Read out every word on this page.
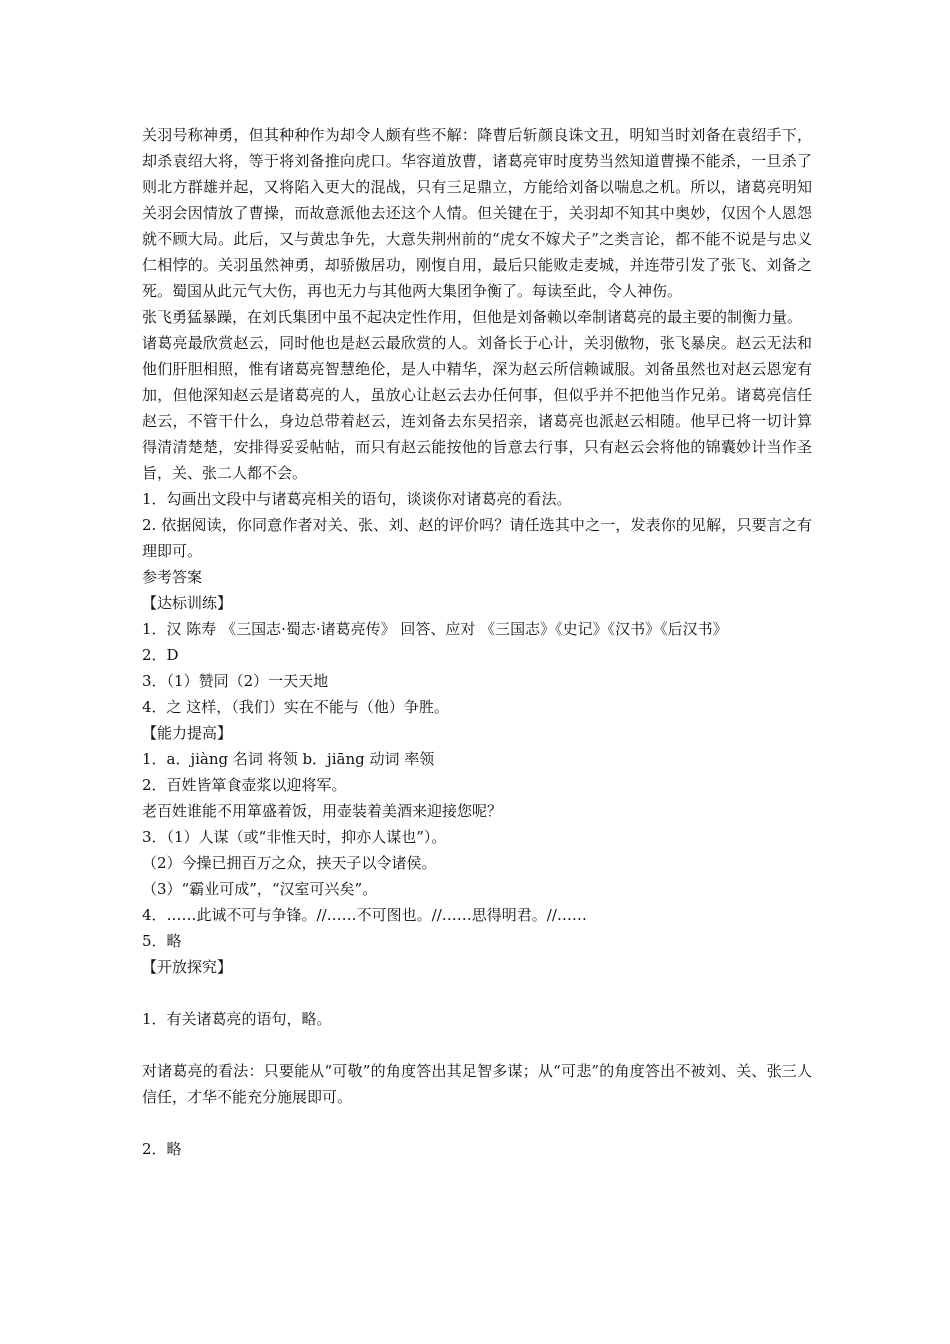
关羽号称神勇，但其种种作为却令人颇有些不解：降曹后斩颜良诛文丑，明知当时刘备在袁绍手下，却杀袁绍大将，等于将刘备推向虎口。华容道放曹，诸葛亮审时度势当然知道曹操不能杀，一旦杀了则北方群雄并起，又将陷入更大的混战，只有三足鼎立，方能给刘备以喘息之机。所以，诸葛亮明知关羽会因情放了曹操，而故意派他去还这个人情。但关键在于，关羽却不知其中奥妙，仅因个人恩怨就不顾大局。此后，又与黄忠争先，大意失荆州前的“虎女不嫁犬子”之类言论，都不能不说是与忠义仁相悖的。关羽虽然神勇，却骄傲居功，刚愎自用，最后只能败走麦城，并连带引发了张飞、刘备之死。蜀国从此元气大伤，再也无力与其他两大集团争衡了。每读至此，令人神伤。

张飞勇猛暴躁，在刘氏集团中虽不起决定性作用，但他是刘备赖以牵制诸葛亮的最主要的制衡力量。

诸葛亮最欣赏赵云，同时他也是赵云最欣赏的人。刘备长于心计，关羽傲物，张飞暴戾。赵云无法和他们肝胆相照，惟有诸葛亮智慧绝伦，是人中精华，深为赵云所信赖诚服。刘备虽然也对赵云恩宠有加，但他深知赵云是诸葛亮的人，虽放心让赵云去办任何事，但似乎并不把他当作兄弟。诸葛亮信任赵云，不管干什么，身边总带着赵云，连刘备去东吴招亲，诸葛亮也派赵云相随。他早已将一切计算得清清楚楚，安排得妥妥帖帖，而只有赵云能按他的旨意去行事，只有赵云会将他的锦囊妙计当作圣旨，关、张二人都不会。

1．勾画出文段中与诸葛亮相关的语句，谈谈你对诸葛亮的看法。

2. 依据阅读，你同意作者对关、张、刘、赵的评价吗？请任选其中之一，发表你的见解，只要言之有理即可。

参考答案

【达标训练】

1．汉 陈寿 《三国志·蜀志·诸葛亮传》 回答、应对 《三国志》《史记》《汉书》《后汉书》

2．D

3．（1）赞同（2）一天天地

4．之 这样，（我们）实在不能与（他）争胜。

【能力提高】

1．a．jiàng 名词 将领 b．jiāng 动词 率领

2．百姓皆箪食壶浆以迎将军。

老百姓谁能不用箪盛着饭，用壶装着美酒来迎接您呢？

3．（1）人谋（或“非惟天时，抑亦人谋也”）。

（2）今操已拥百万之众，挟天子以令诸侯。

（3）“霸业可成”，“汉室可兴矣”。

4．……此诚不可与争锋。//……不可图也。//……思得明君。//……

5．略

【开放探究】

1．有关诸葛亮的语句，略。

对诸葛亮的看法：只要能从“可敬”的角度答出其足智多谋；从“可悲”的角度答出不被刘、关、张三人信任，才华不能充分施展即可。

2．略
